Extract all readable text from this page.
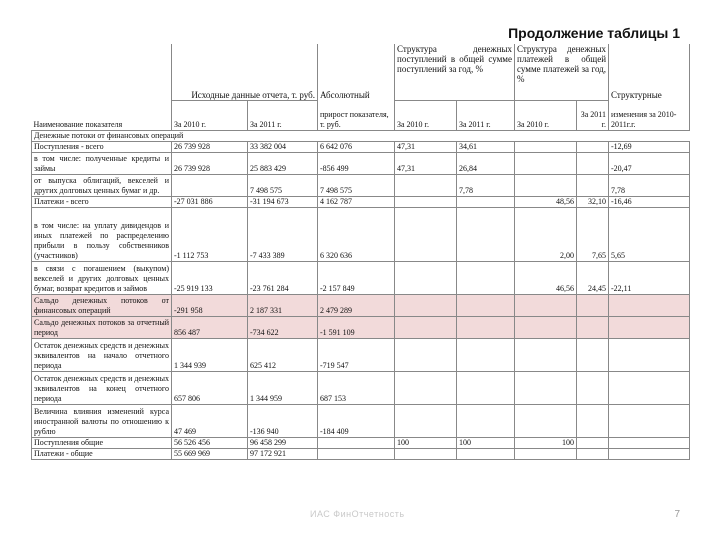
Продолжение таблицы 1
	Исходные данные отчета, т. руб.		Абсолютный	Структура денежных поступлений в общей сумме поступлений за год, %		Структура денежных платежей в общей сумме платежей за год, %		Структурные
Наименование показателя	За 2010 г.	За 2011 г.	прирост показателя, т. руб.	За 2010 г.	За 2011 г.	За 2010 г.	За 2011 г.	изменения за 2010-2011г.г.
Денежные потоки от финансовых операций								
Поступления - всего	26 739 928	33 382 004	6 642 076	47,31	34,61			-12,69
в том числе: полученные кредиты и займы	26 739 928	25 883 429	-856 499	47,31	26,84			-20,47
от выпуска облигаций, векселей и других долговых ценных бумаг и др.		7 498 575	7 498 575		7,78			7,78
Платежи - всего	-27 031 886	-31 194 673	4 162 787			48,56	32,10	-16,46
в том числе: на уплату дивидендов и иных платежей по распределению прибыли в пользу собственников (участников)	-1 112 753	-7 433 389	6 320 636			2,00	7,65	5,65
в связи с погашением (выкупом) векселей и других долговых ценных бумаг, возврат кредитов и займов	-25 919 133	-23 761 284	-2 157 849			46,56	24,45	-22,11
Сальдо денежных потоков от финансовых операций	-291 958	2 187 331	2 479 289					
Сальдо денежных потоков за отчетный период	856 487	-734 622	-1 591 109					
Остаток денежных средств и денежных эквивалентов на начало отчетного периода	1 344 939	625 412	-719 547					
Остаток денежных средств и денежных эквивалентов на конец отчетного периода	657 806	1 344 959	687 153					
Величина влияния изменений курса иностранной валюты по отношению к рублю	47 469	-136 940	-184 409					
Поступления общие	56 526 456	96 458 299		100	100	100		
Платежи - общие	55 669 969	97 172 921						
ИАС ФинОтчетность	7
